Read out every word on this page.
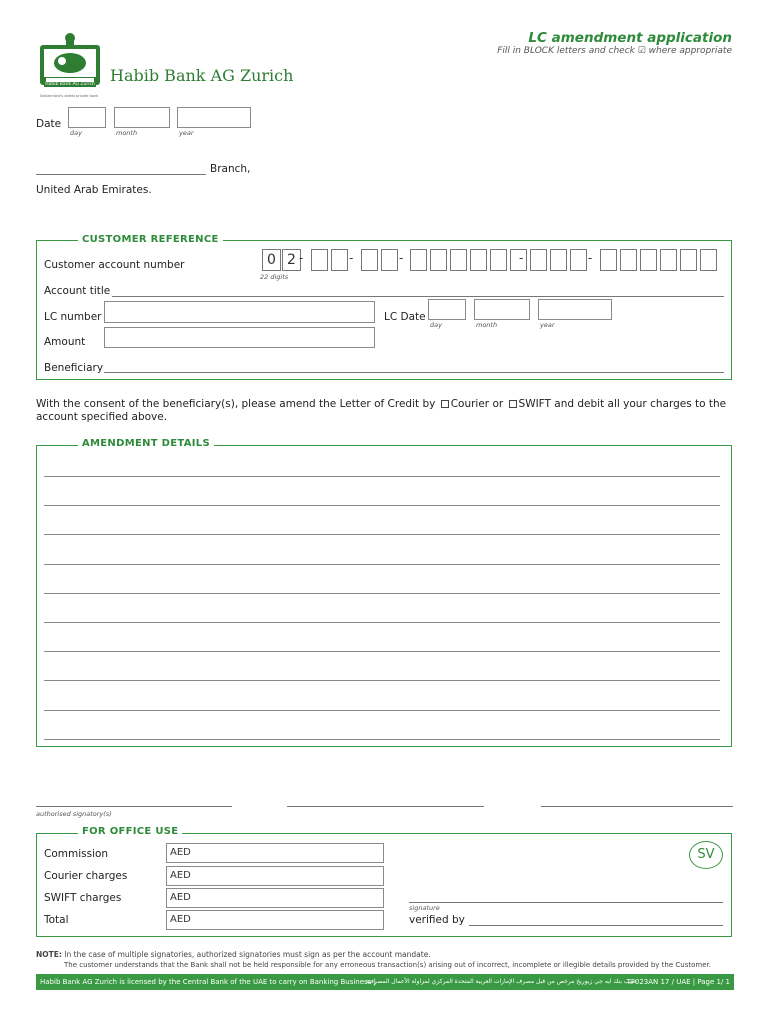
LC amendment application
Fill in BLOCK letters and check ☑ where appropriate
Habib Bank AG Zurich
Switzerland's oldest private bank
Habib Bank AG Zurich
Date
day	month	year
Branch,
United Arab Emirates.
CUSTOMER REFERENCE
Customer account number	0 2 -	-	-	-	-
22 digits
Account title
LC number	LC Date
day	month	year
Amount
Beneficiary
With the consent of the beneficiary(s), please amend the Letter of Credit by Courier or SWIFT and debit all your charges to the
account specified above.
AMENDMENT DETAILS
authorised signatory(s)
FOR OFFICE USE
Commission	AED
Courier charges	AED
SWIFT charges	AED
Total	AED
SV
signature
verified by
NOTE: In the case of multiple signatories, authorized signatories must sign as per the account mandate.
The customer understands that the Bank shall not be held responsible for any erroneous transaction(s) arising out of incorrect, incomplete or illegible details provided by the Customer.
Habib Bank AG Zurich is licensed by the Central Bank of the UAE to carry on Banking Business |
حبيب بنك ايه جي زيوريخ مرخص من قبل مصرف الإمارات العربية المتحدة المركزي لمزاولة الأعمال المصرفية
TF023AN 17 / UAE | Page 1/ 1
